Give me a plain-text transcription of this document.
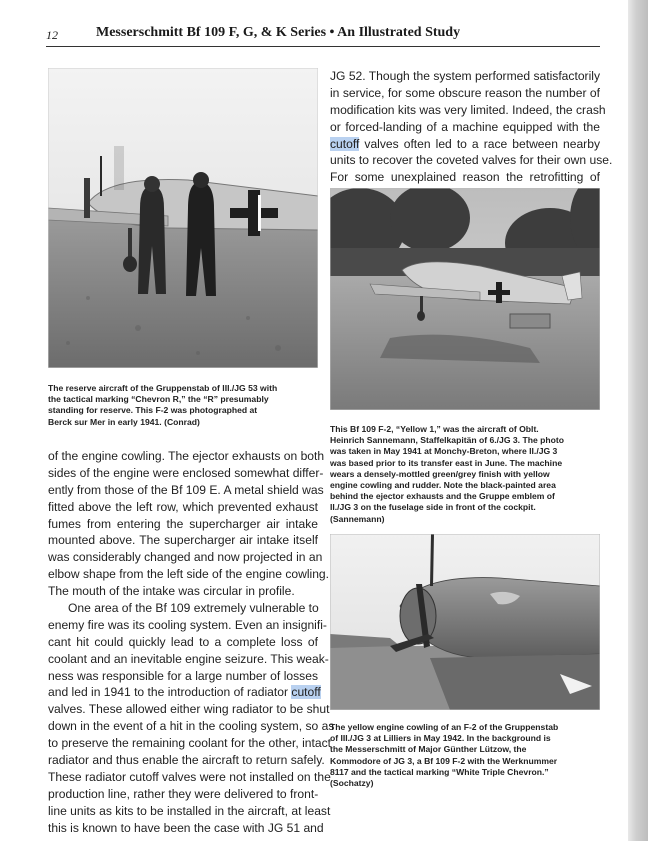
12	Messerschmitt Bf 109 F, G, & K Series • An Illustrated Study
The reserve aircraft of the Gruppenstab of III./JG 53 with
the tactical marking “Chevron R,” the “R” presumably
standing for reserve. This F-2 was photographed at
Berck sur Mer in early 1941. (Conrad)
of the engine cowling. The ejector exhausts on both
sides of the engine were enclosed somewhat differ-
ently from those of the Bf 109 E. A metal shield was
fitted above the left row, which prevented exhaust
fumes from entering the supercharger air intake
mounted above. The supercharger air intake itself
was considerably changed and now projected in an
elbow shape from the left side of the engine cowling.
The mouth of the intake was circular in profile.
One area of the Bf 109 extremely vulnerable to
enemy fire was its cooling system. Even an insignifi-
cant hit could quickly lead to a complete loss of
coolant and an inevitable engine seizure. This weak-
ness was responsible for a large number of losses
and led in 1941 to the introduction of radiator cutoff
valves. These allowed either wing radiator to be shut
down in the event of a hit in the cooling system, so as
to preserve the remaining coolant for the other, intact
radiator and thus enable the aircraft to return safely.
These radiator cutoff valves were not installed on the
production line, rather they were delivered to front-
line units as kits to be installed in the aircraft, at least
this is known to have been the case with JG 51 and
JG 52. Though the system performed satisfactorily
in service, for some obscure reason the number of
modification kits was very limited. Indeed, the crash
or forced-landing of a machine equipped with the
cutoff valves often led to a race between nearby
units to recover the coveted valves for their own use.
For some unexplained reason the retrofitting of
This Bf 109 F-2, “Yellow 1,” was the aircraft of Oblt.
Heinrich Sannemann, Staffelkapitän of 6./JG 3. The photo
was taken in May 1941 at Monchy-Breton, where II./JG 3
was based prior to its transfer east in June. The machine
wears a densely-mottled green/grey finish with yellow
engine cowling and rudder. Note the black-painted area
behind the ejector exhausts and the Gruppe emblem of
II./JG 3 on the fuselage side in front of the cockpit.
(Sannemann)
The yellow engine cowling of an F-2 of the Gruppenstab
of III./JG 3 at Lilliers in May 1942. In the background is
the Messerschmitt of Major Günther Lützow, the
Kommodore of JG 3, a Bf 109 F-2 with the Werknummer
8117 and the tactical marking “White Triple Chevron.”
(Sochatzy)
